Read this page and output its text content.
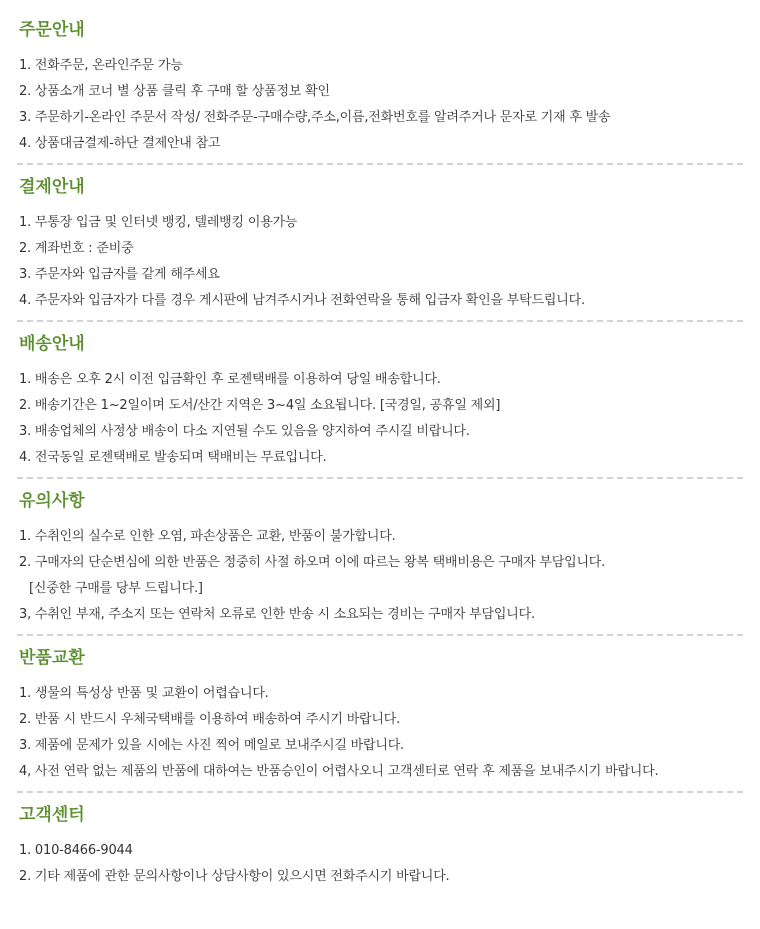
주문안내
1. 전화주문, 온라인주문 가능
2. 상품소개 코너 별 상품 클릭 후 구매 할 상품정보 확인
3. 주문하기-온라인 주문서 작성/ 전화주문-구매수량,주소,이름,전화번호를 알려주거나 문자로 기재 후 발송
4. 상품대금결제-하단 결제안내 참고
결제안내
1. 무통장 입금 및 인터넷 뱅킹, 텔레뱅킹 이용가능
2. 계좌번호 : 준비중
3. 주문자와 입금자를 같게 해주세요
4. 주문자와 입금자가 다를 경우 게시판에 남겨주시거나 전화연락을 통해 입금자 확인을 부탁드립니다.
배송안내
1. 배송은 오후 2시 이전 입금확인 후 로젠택배를 이용하여 당일 배송합니다.
2. 배송기간은 1~2일이며 도서/산간 지역은 3~4일 소요됩니다. [국경일, 공휴일 제외]
3. 배송업체의 사정상 배송이 다소 지연될 수도 있음을 양지하여 주시길 비랍니다.
4. 전국동일 로젠택배로 발송되며 택배비는 무료입니다.
유의사항
1. 수취인의 실수로 인한 오염, 파손상품은 교환, 반품이 불가합니다.
2. 구매자의 단순변심에 의한 반품은 정중히 사절 하오며 이에 따르는 왕복 택배비용은 구매자 부담입니다.
[신중한 구매를 당부 드립니다.]
3, 수취인 부재, 주소지 또는 연락처 오류로 인한 반송 시 소요되는 경비는 구매자 부담입니다.
반품교환
1. 생물의 특성상 반품 및 교환이 어렵습니다.
2. 반품 시 반드시 우체국택배를 이용하여 배송하여 주시기 바랍니다.
3. 제품에 문제가 있을 시에는 사진 찍어 메일로 보내주시길 바랍니다.
4, 사전 연락 없는 제품의 반품에 대하여는 반품승인이 어렵사오니 고객센터로 연락 후 제품을 보내주시기 바랍니다.
고객센터
1. 010-8466-9044
2. 기타 제품에 관한 문의사항이나 상담사항이 있으시면 전화주시기 바랍니다.
